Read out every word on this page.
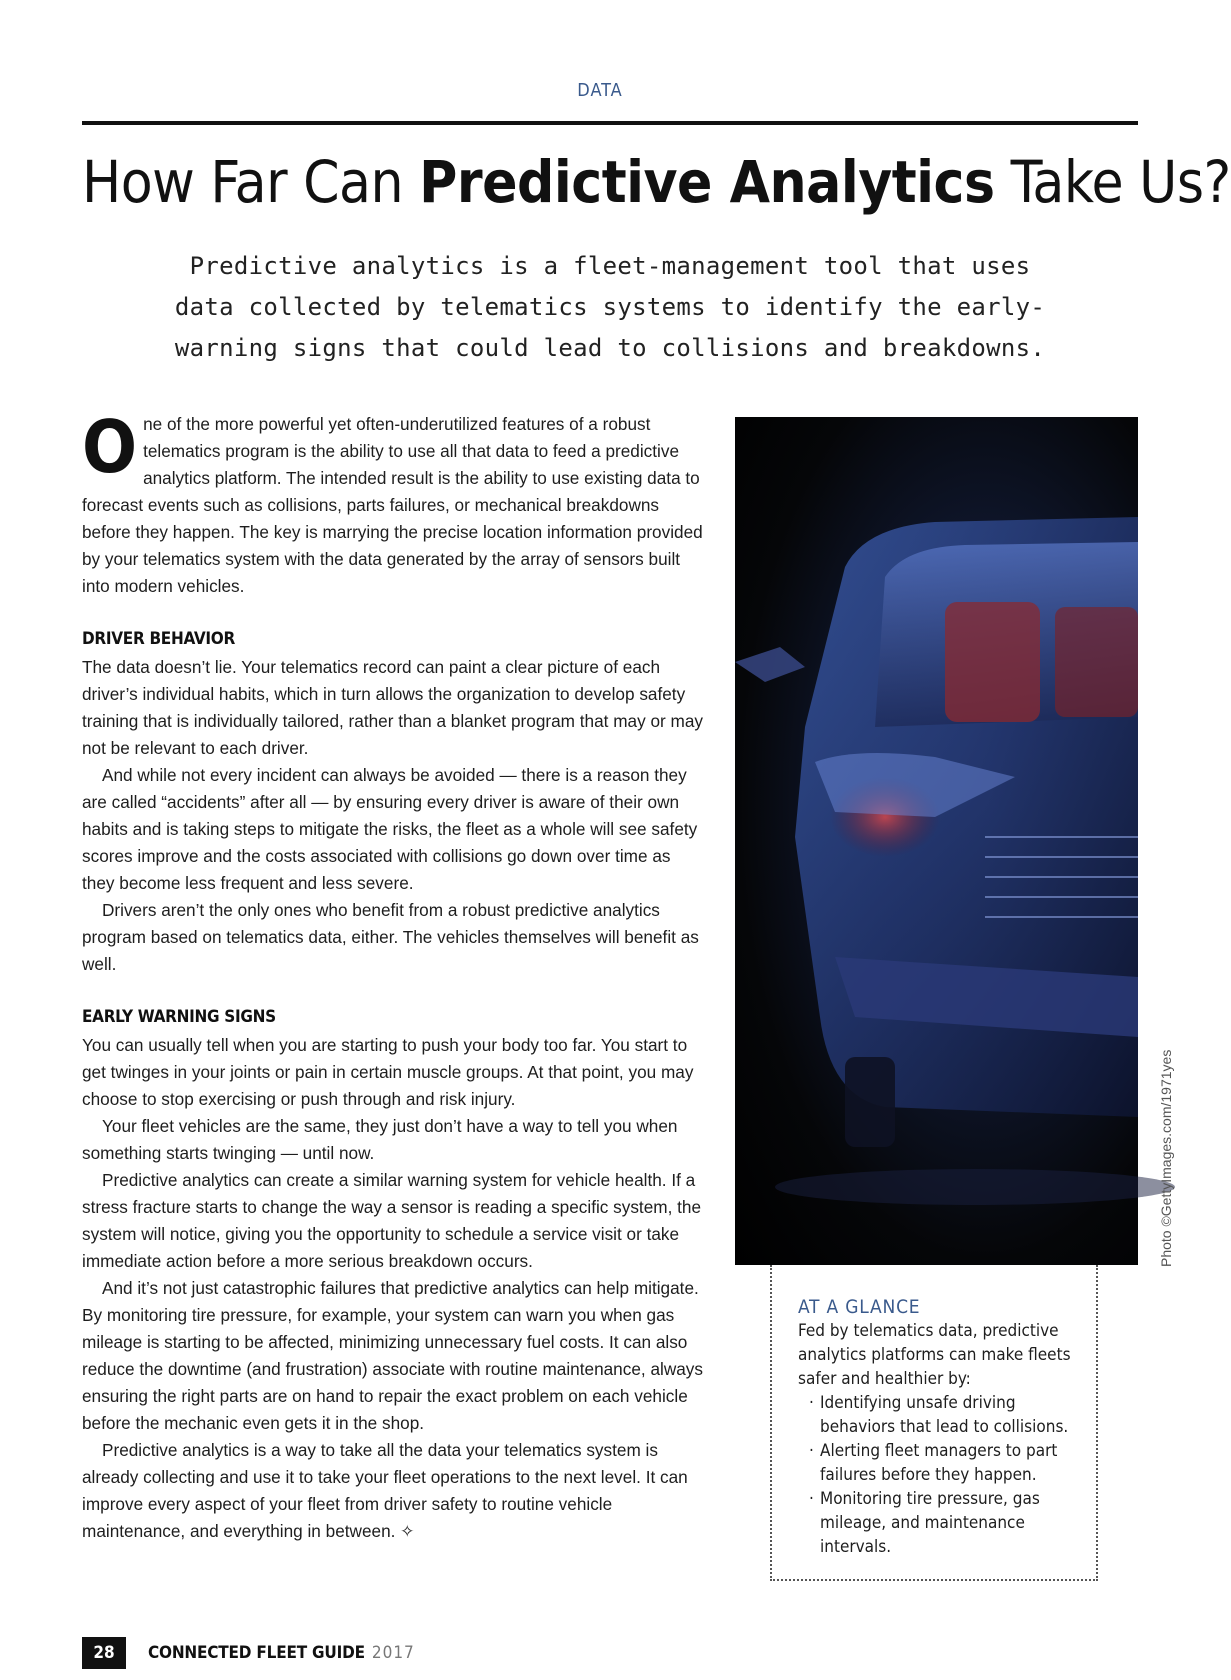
DATA
How Far Can Predictive Analytics Take Us?

Predictive analytics is a fleet-management tool that uses data collected by telematics systems to identify the early-warning signs that could lead to collisions and breakdowns.

One of the more powerful yet often-underutilized features of a robust telematics program is the ability to use all that data to feed a predictive analytics platform. The intended result is the ability to use existing data to forecast events such as collisions, parts failures, or mechanical breakdowns before they happen. The key is marrying the precise location information provided by your telematics system with the data generated by the array of sensors built into modern vehicles.

DRIVER BEHAVIOR

The data doesn’t lie. Your telematics record can paint a clear picture of each driver’s individual habits, which in turn allows the organization to develop safety training that is individually tailored, rather than a blanket program that may or may not be relevant to each driver.

And while not every incident can always be avoided — there is a reason they are called “accidents” after all — by ensuring every driver is aware of their own habits and is taking steps to mitigate the risks, the fleet as a whole will see safety scores improve and the costs associated with collisions go down over time as they become less frequent and less severe.

Drivers aren’t the only ones who benefit from a robust predictive analytics program based on telematics data, either. The vehicles themselves will benefit as well.

EARLY WARNING SIGNS

You can usually tell when you are starting to push your body too far. You start to get twinges in your joints or pain in certain muscle groups. At that point, you may choose to stop exercising or push through and risk injury.

Your fleet vehicles are the same, they just don’t have a way to tell you when something starts twinging — until now.

Predictive analytics can create a similar warning system for vehicle health. If a stress fracture starts to change the way a sensor is reading a specific system, the system will notice, giving you the opportunity to schedule a service visit or take immediate action before a more serious breakdown occurs.

And it’s not just catastrophic failures that predictive analytics can help mitigate. By monitoring tire pressure, for example, your system can warn you when gas mileage is starting to be affected, minimizing unnecessary fuel costs. It can also reduce the downtime (and frustration) associate with routine maintenance, always ensuring the right parts are on hand to repair the exact problem on each vehicle before the mechanic even gets it in the shop.

Predictive analytics is a way to take all the data your telematics system is already collecting and use it to take your fleet operations to the next level. It can improve every aspect of your fleet from driver safety to routine vehicle maintenance, and everything in between. ✧

Photo ©GettyImages.com/1971yes
AT A GLANCE

Fed by telematics data, predictive analytics platforms can make fleets safer and healthier by:

· Identifying unsafe driving behaviors that lead to collisions.
· Alerting fleet managers to part failures before they happen.
· Monitoring tire pressure, gas mileage, and maintenance intervals.
28	CONNECTED FLEET GUIDE 2017
